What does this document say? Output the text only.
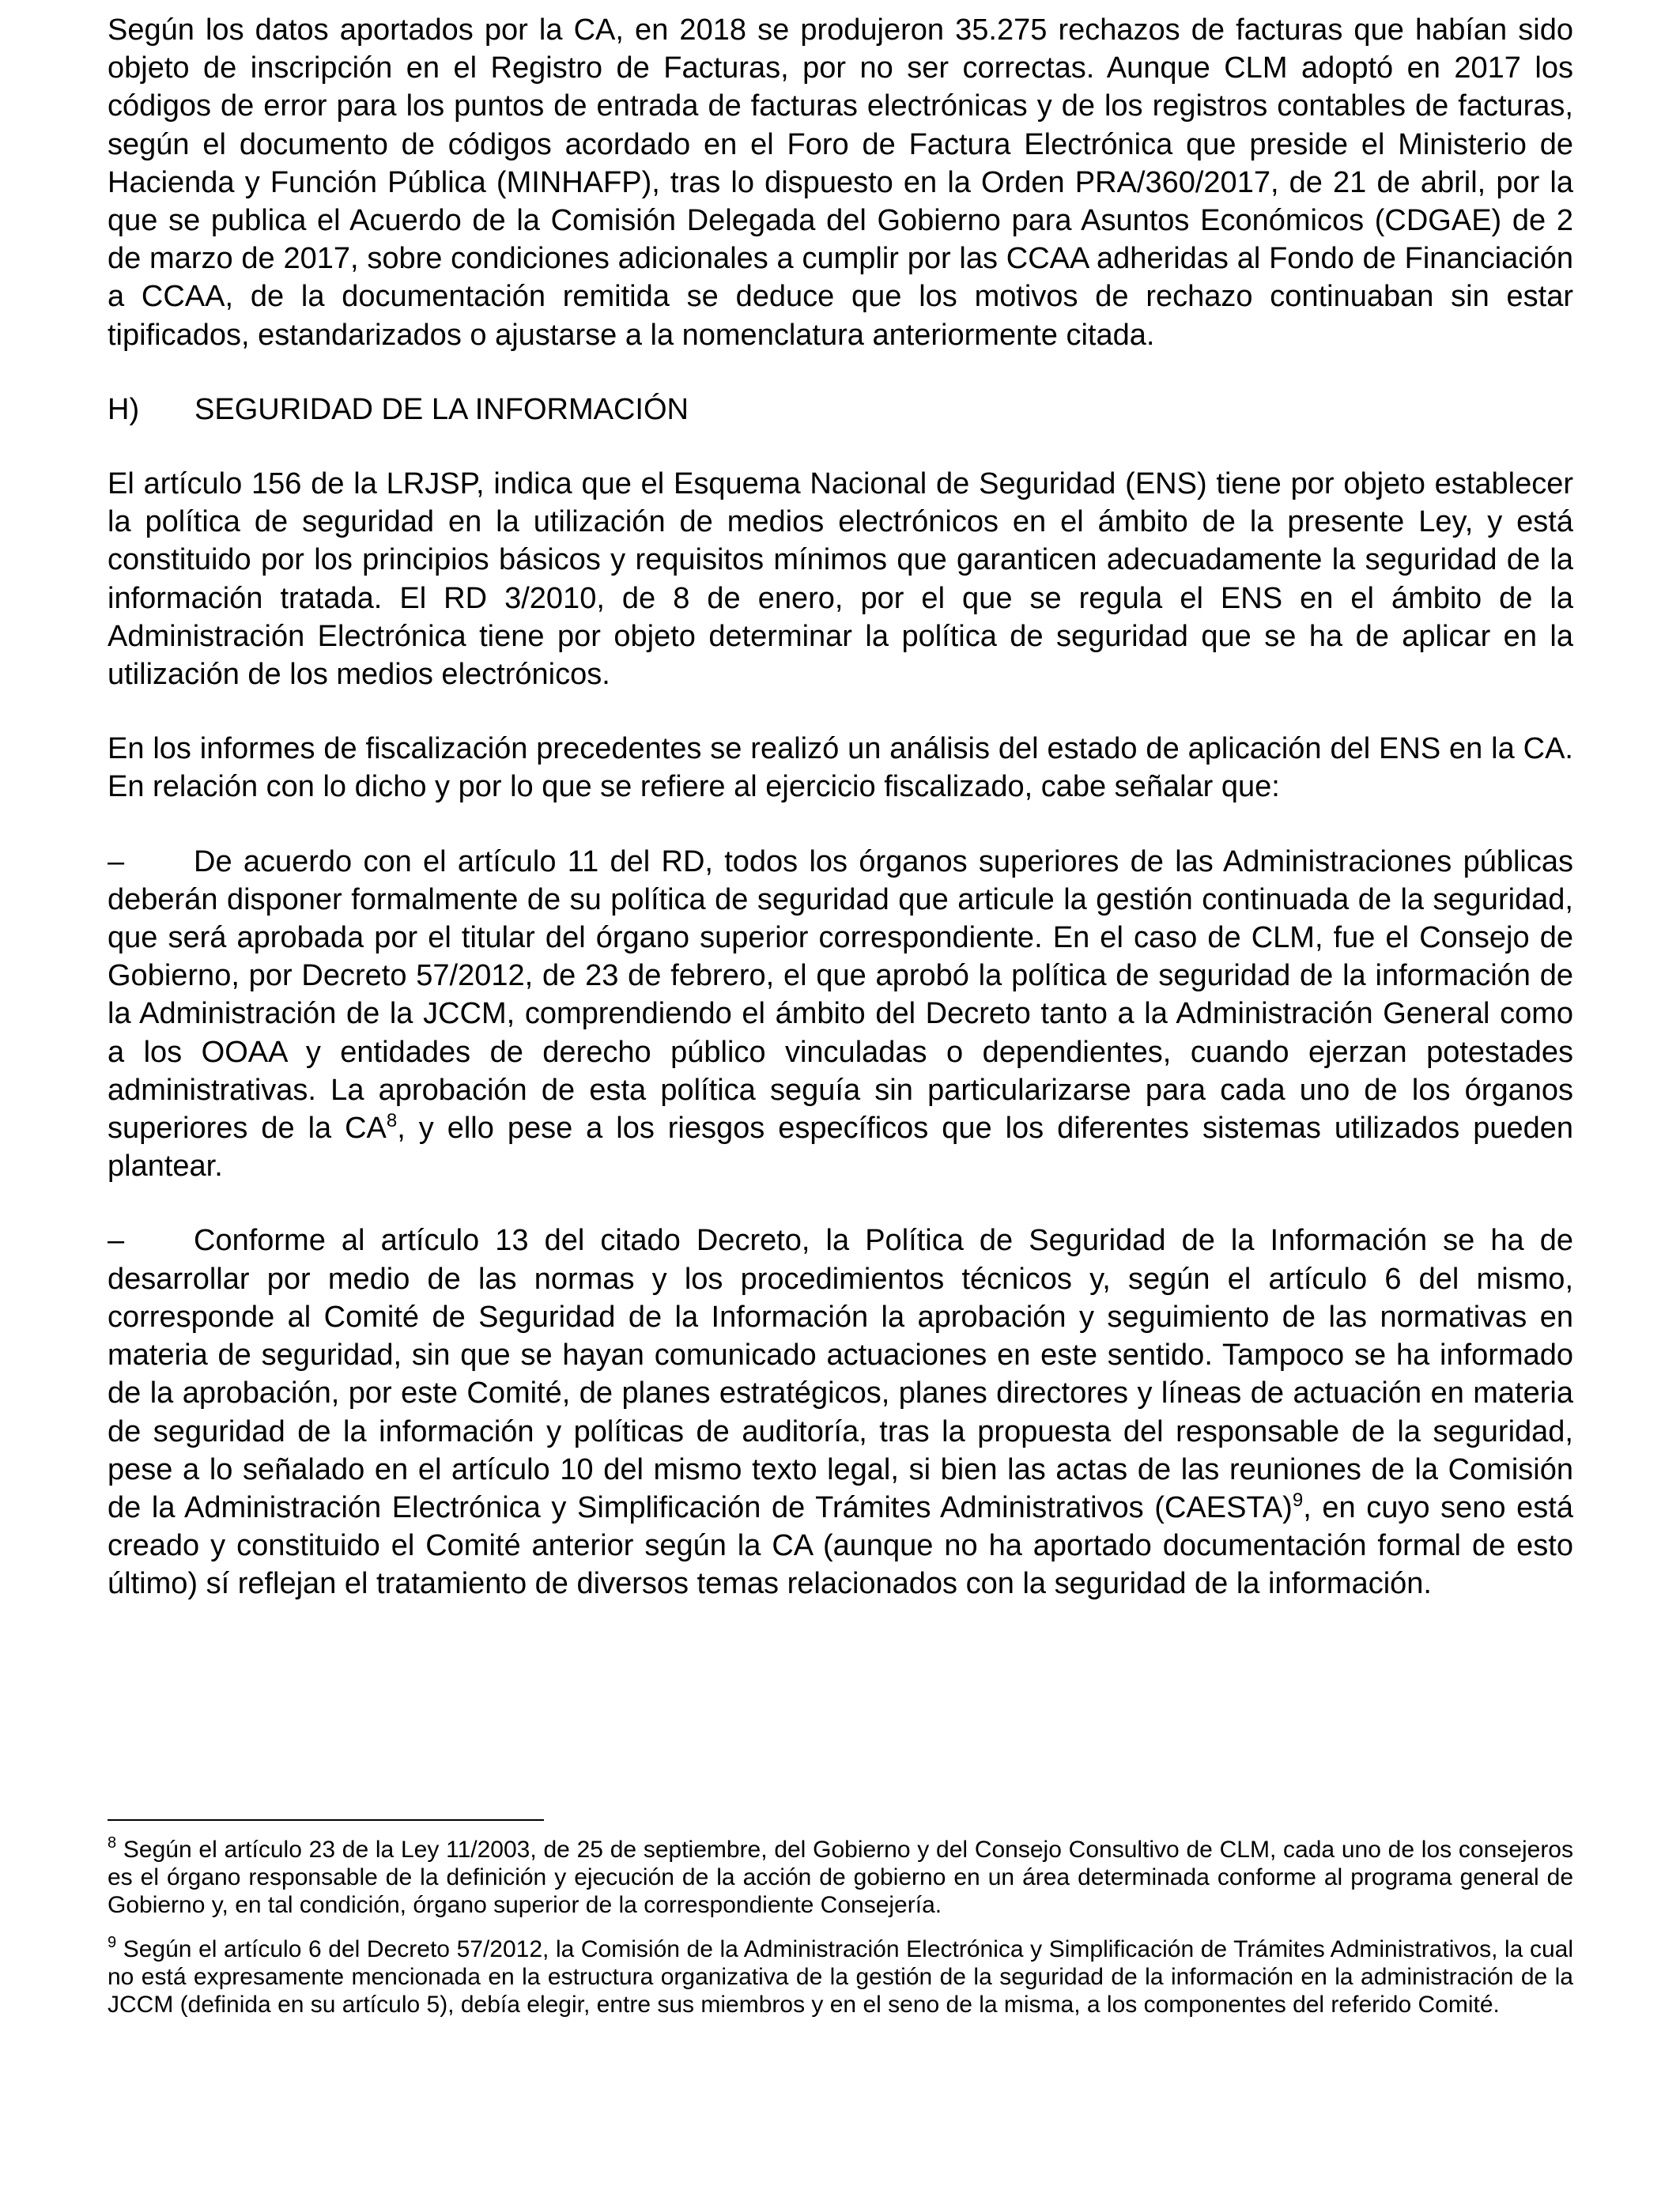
Según los datos aportados por la CA, en 2018 se produjeron 35.275 rechazos de facturas que habían sido objeto de inscripción en el Registro de Facturas, por no ser correctas. Aunque CLM adoptó en 2017 los códigos de error para los puntos de entrada de facturas electrónicas y de los registros contables de facturas, según el documento de códigos acordado en el Foro de Factura Electrónica que preside el Ministerio de Hacienda y Función Pública (MINHAFP), tras lo dispuesto en la Orden PRA/360/2017, de 21 de abril, por la que se publica el Acuerdo de la Comisión Delegada del Gobierno para Asuntos Económicos (CDGAE) de 2 de marzo de 2017, sobre condiciones adicionales a cumplir por las CCAA adheridas al Fondo de Financiación a CCAA, de la documentación remitida se deduce que los motivos de rechazo continuaban sin estar tipificados, estandarizados o ajustarse a la nomenclatura anteriormente citada.

H) SEGURIDAD DE LA INFORMACIÓN

El artículo 156 de la LRJSP, indica que el Esquema Nacional de Seguridad (ENS) tiene por objeto establecer la política de seguridad en la utilización de medios electrónicos en el ámbito de la presente Ley, y está constituido por los principios básicos y requisitos mínimos que garanticen adecuadamente la seguridad de la información tratada. El RD 3/2010, de 8 de enero, por el que se regula el ENS en el ámbito de la Administración Electrónica tiene por objeto determinar la política de seguridad que se ha de aplicar en la utilización de los medios electrónicos.

En los informes de fiscalización precedentes se realizó un análisis del estado de aplicación del ENS en la CA. En relación con lo dicho y por lo que se refiere al ejercicio fiscalizado, cabe señalar que:

– De acuerdo con el artículo 11 del RD, todos los órganos superiores de las Administraciones públicas deberán disponer formalmente de su política de seguridad que articule la gestión continuada de la seguridad, que será aprobada por el titular del órgano superior correspondiente. En el caso de CLM, fue el Consejo de Gobierno, por Decreto 57/2012, de 23 de febrero, el que aprobó la política de seguridad de la información de la Administración de la JCCM, comprendiendo el ámbito del Decreto tanto a la Administración General como a los OOAA y entidades de derecho público vinculadas o dependientes, cuando ejerzan potestades administrativas. La aprobación de esta política seguía sin particularizarse para cada uno de los órganos superiores de la $CA^8$, y ello pese a los riesgos específicos que los diferentes sistemas utilizados pueden plantear.

– Conforme al artículo 13 del citado Decreto, la Política de Seguridad de la Información se ha de desarrollar por medio de las normas y los procedimientos técnicos y, según el artículo 6 del mismo, corresponde al Comité de Seguridad de la Información la aprobación y seguimiento de las normativas en materia de seguridad, sin que se hayan comunicado actuaciones en este sentido. Tampoco se ha informado de la aprobación, por este Comité, de planes estratégicos, planes directores y líneas de actuación en materia de seguridad de la información y políticas de auditoría, tras la propuesta del responsable de la seguridad, pese a lo señalado en el artículo 10 del mismo texto legal, si bien las actas de las reuniones de la Comisión de la Administración Electrónica y Simplificación de Trámites Administrativos (CAESTA)$^9$, en cuyo seno está creado y constituido el Comité anterior según la CA (aunque no ha aportado documentación formal de esto último) sí reflejan el tratamiento de diversos temas relacionados con la seguridad de la información.

$^8$ Según el artículo 23 de la Ley 11/2003, de 25 de septiembre, del Gobierno y del Consejo Consultivo de CLM, cada uno de los consejeros es el órgano responsable de la definición y ejecución de la acción de gobierno en un área determinada conforme al programa general de Gobierno y, en tal condición, órgano superior de la correspondiente Consejería.

$^9$ Según el artículo 6 del Decreto 57/2012, la Comisión de la Administración Electrónica y Simplificación de Trámites Administrativos, la cual no está expresamente mencionada en la estructura organizativa de la gestión de la seguridad de la información en la administración de la JCCM (definida en su artículo 5), debía elegir, entre sus miembros y en el seno de la misma, a los componentes del referido Comité.
